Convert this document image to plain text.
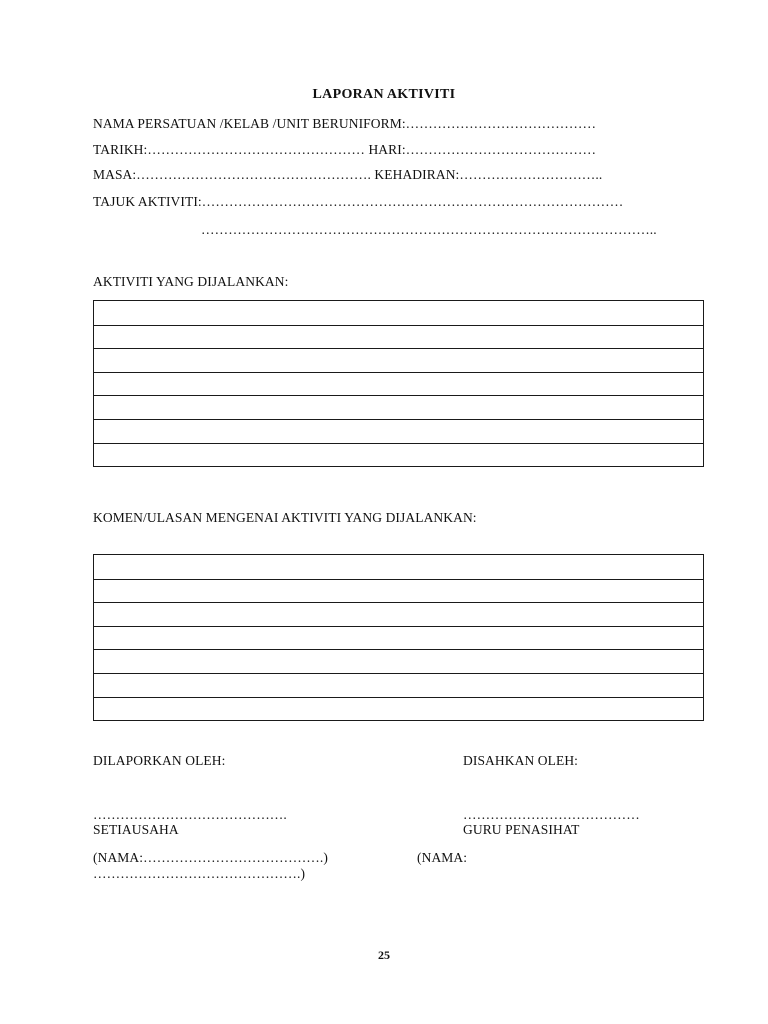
LAPORAN AKTIVITI
NAMA PERSATUAN /KELAB /UNIT BERUNIFORM:……………………………………
TARIKH:………………………………………… HARI:……………………………………
MASA:……………………………………………. KEHADIRAN:…………………………..
TAJUK AKTIVITI:…………………………………………………………………………………
………………………………………………………………………………………..
AKTIVITI YANG DIJALANKAN:
KOMEN/ULASAN MENGENAI AKTIVITI YANG DIJALANKAN:
DILAPORKAN OLEH:	DISAHKAN OLEH:
…………………………………….	…………………………………
SETIAUSAHA	GURU PENASIHAT
(NAMA:………………………………….)	(NAMA:
……………………………………….)
25
